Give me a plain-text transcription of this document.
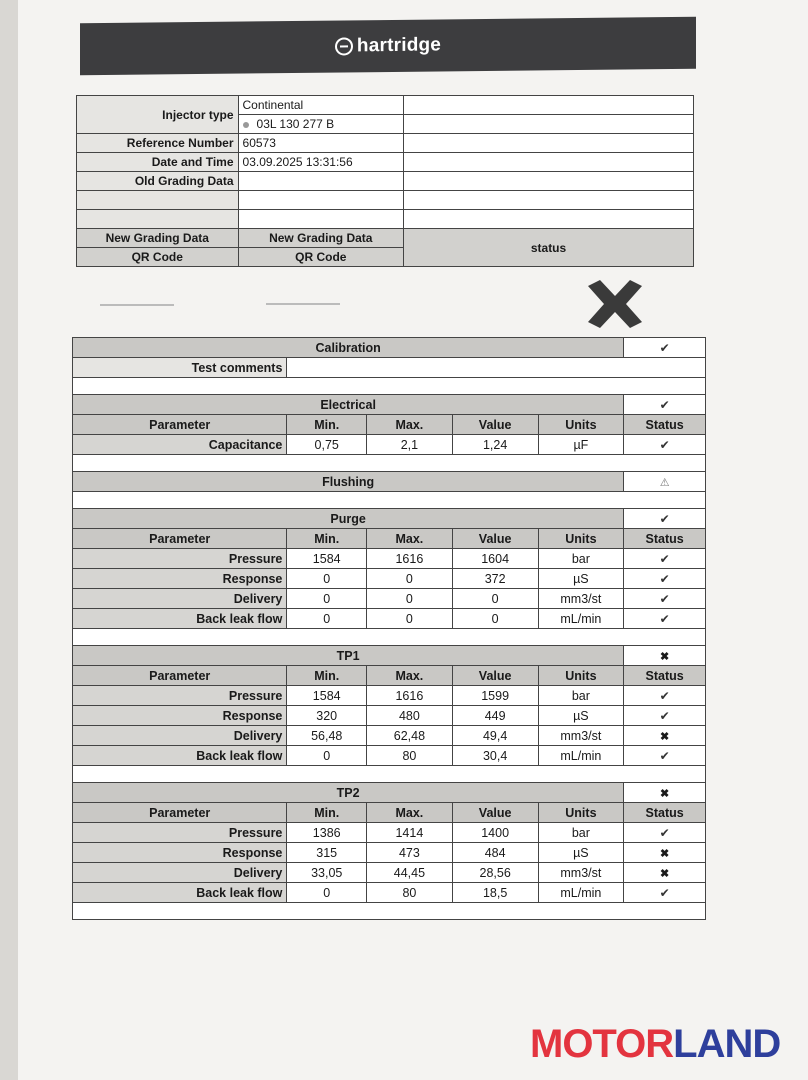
hartridge
Injector type	Continental	
	03L 130 277 B	
Reference Number	60573	
Date and Time	03.09.2025 13:31:56	
Old Grading Data		

New Grading Data	New Grading Data	status
QR Code	QR Code	
Calibration					✔
Test comments					

Electrical					✔
Parameter	Min.	Max.	Value	Units	Status
Capacitance	0,75	2,1	1,24	µF	✔

Flushing					⚠

Purge					✔
Parameter	Min.	Max.	Value	Units	Status
Pressure	1584	1616	1604	bar	✔
Response	0	0	372	µS	✔
Delivery	0	0	0	mm3/st	✔
Back leak flow	0	0	0	mL/min	✔

TP1					✖
Parameter	Min.	Max.	Value	Units	Status
Pressure	1584	1616	1599	bar	✔
Response	320	480	449	µS	✔
Delivery	56,48	62,48	49,4	mm3/st	✖
Back leak flow	0	80	30,4	mL/min	✔

TP2					✖
Parameter	Min.	Max.	Value	Units	Status
Pressure	1386	1414	1400	bar	✔
Response	315	473	484	µS	✖
Delivery	33,05	44,45	28,56	mm3/st	✖
Back leak flow	0	80	18,5	mL/min	✔

MOTORLAND
